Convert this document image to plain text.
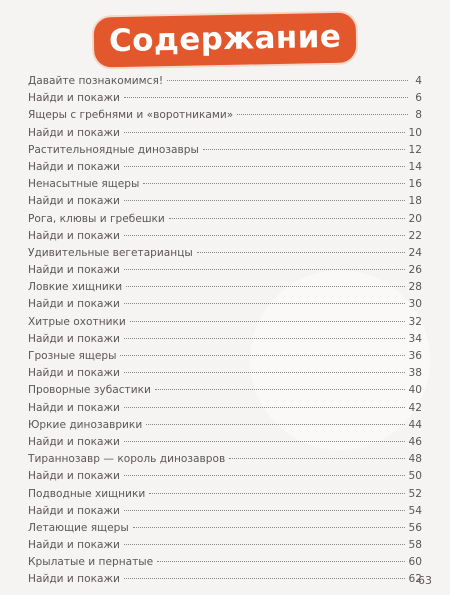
Содержание
Давайте познакомимся!	4
Найди и покажи	6
Ящеры с гребнями и «воротниками»	8
Найди и покажи	10
Растительноядные динозавры	12
Найди и покажи	14
Ненасытные ящеры	16
Найди и покажи	18
Рога, клювы и гребешки	20
Найди и покажи	22
Удивительные вегетарианцы	24
Найди и покажи	26
Ловкие хищники	28
Найди и покажи	30
Хитрые охотники	32
Найди и покажи	34
Грозные ящеры	36
Найди и покажи	38
Проворные зубастики	40
Найди и покажи	42
Юркие динозаврики	44
Найди и покажи	46
Тираннозавр — король динозавров	48
Найди и покажи	50
Подводные хищники	52
Найди и покажи	54
Летающие ящеры	56
Найди и покажи	58
Крылатые и пернатые	60
Найди и покажи	62
63
